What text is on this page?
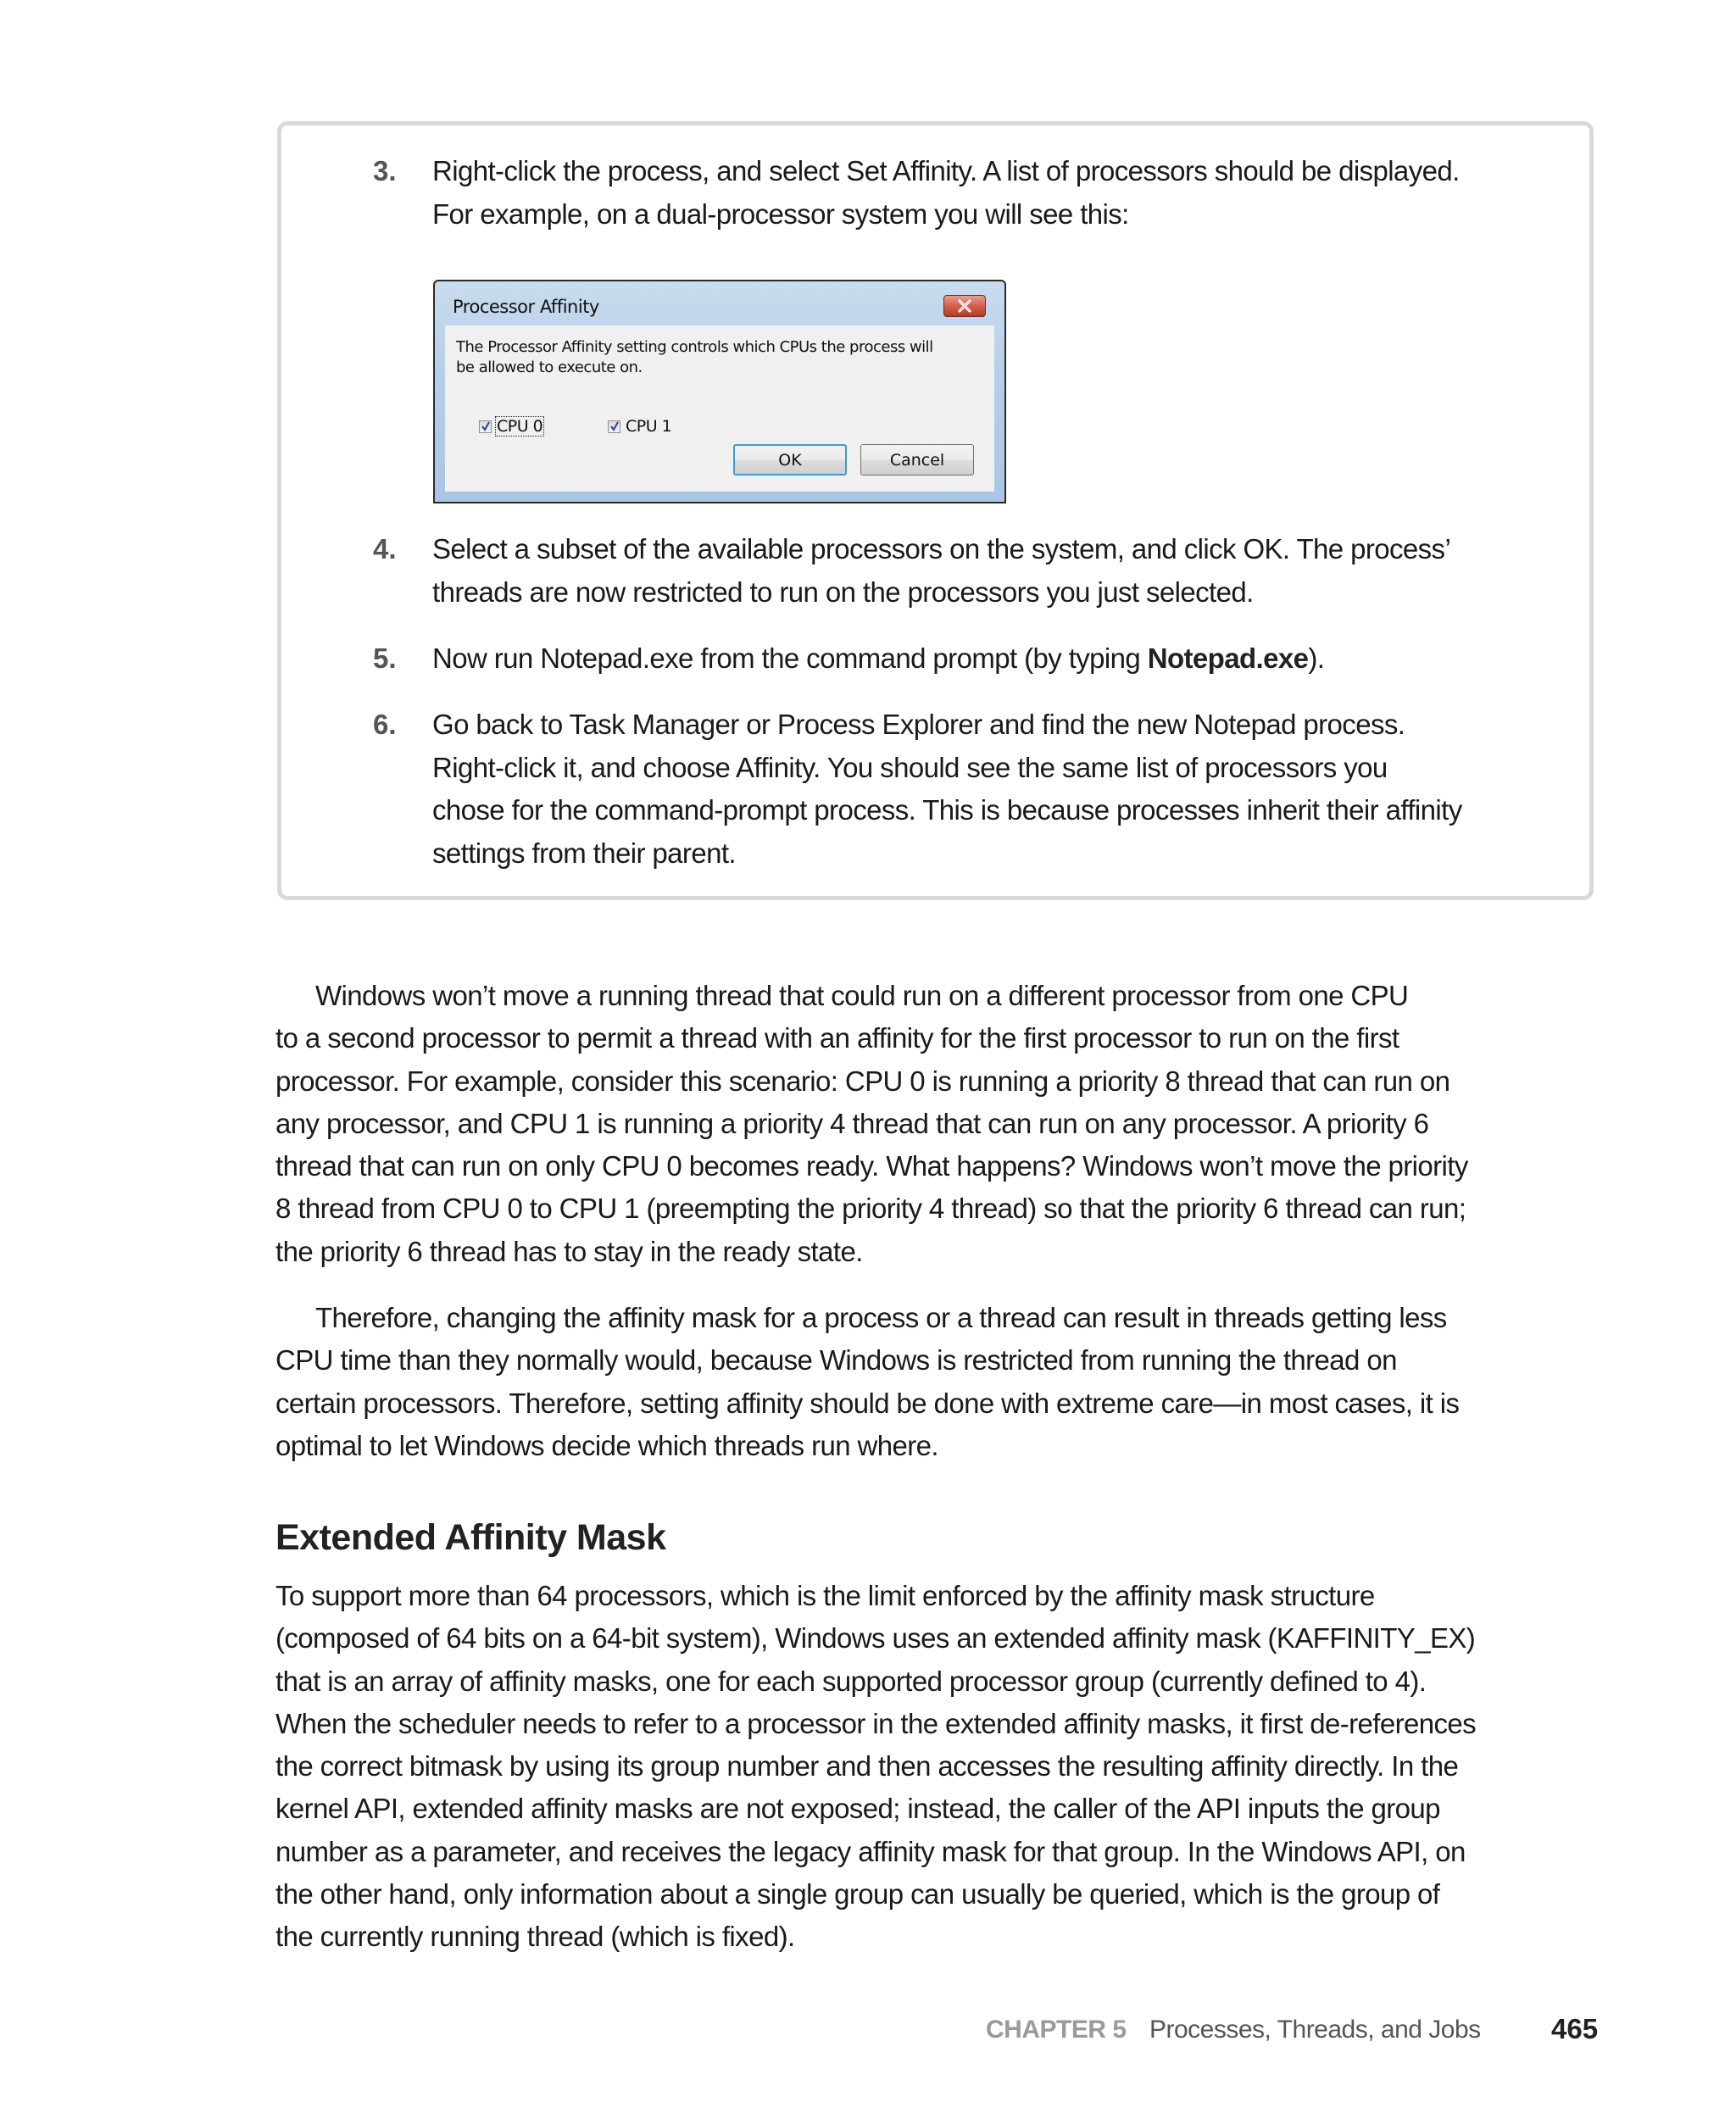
3. Right-click the process, and select Set Affinity. A list of processors should be displayed.
For example, on a dual-processor system you will see this:
Processor Affinity
The Processor Affinity setting controls which CPUs the process will
be allowed to execute on.
CPU 0	CPU 1
OK	Cancel
4. Select a subset of the available processors on the system, and click OK. The process’
threads are now restricted to run on the processors you just selected.
5. Now run Notepad.exe from the command prompt (by typing Notepad.exe).
6. Go back to Task Manager or Process Explorer and find the new Notepad process.
Right-click it, and choose Affinity. You should see the same list of processors you
chose for the command-prompt process. This is because processes inherit their affinity
settings from their parent.
Windows won’t move a running thread that could run on a different processor from one CPU
to a second processor to permit a thread with an affinity for the first processor to run on the first
processor. For example, consider this scenario: CPU 0 is running a priority 8 thread that can run on
any processor, and CPU 1 is running a priority 4 thread that can run on any processor. A priority 6
thread that can run on only CPU 0 becomes ready. What happens? Windows won’t move the priority
8 thread from CPU 0 to CPU 1 (preempting the priority 4 thread) so that the priority 6 thread can run;
the priority 6 thread has to stay in the ready state.
Therefore, changing the affinity mask for a process or a thread can result in threads getting less
CPU time than they normally would, because Windows is restricted from running the thread on
certain processors. Therefore, setting affinity should be done with extreme care—in most cases, it is
optimal to let Windows decide which threads run where.
Extended Affinity Mask
To support more than 64 processors, which is the limit enforced by the affinity mask structure
(composed of 64 bits on a 64-bit system), Windows uses an extended affinity mask (KAFFINITY_EX)
that is an array of affinity masks, one for each supported processor group (currently defined to 4).
When the scheduler needs to refer to a processor in the extended affinity masks, it first de-references
the correct bitmask by using its group number and then accesses the resulting affinity directly. In the
kernel API, extended affinity masks are not exposed; instead, the caller of the API inputs the group
number as a parameter, and receives the legacy affinity mask for that group. In the Windows API, on
the other hand, only information about a single group can usually be queried, which is the group of
the currently running thread (which is fixed).
CHAPTER 5 Processes, Threads, and Jobs	465
